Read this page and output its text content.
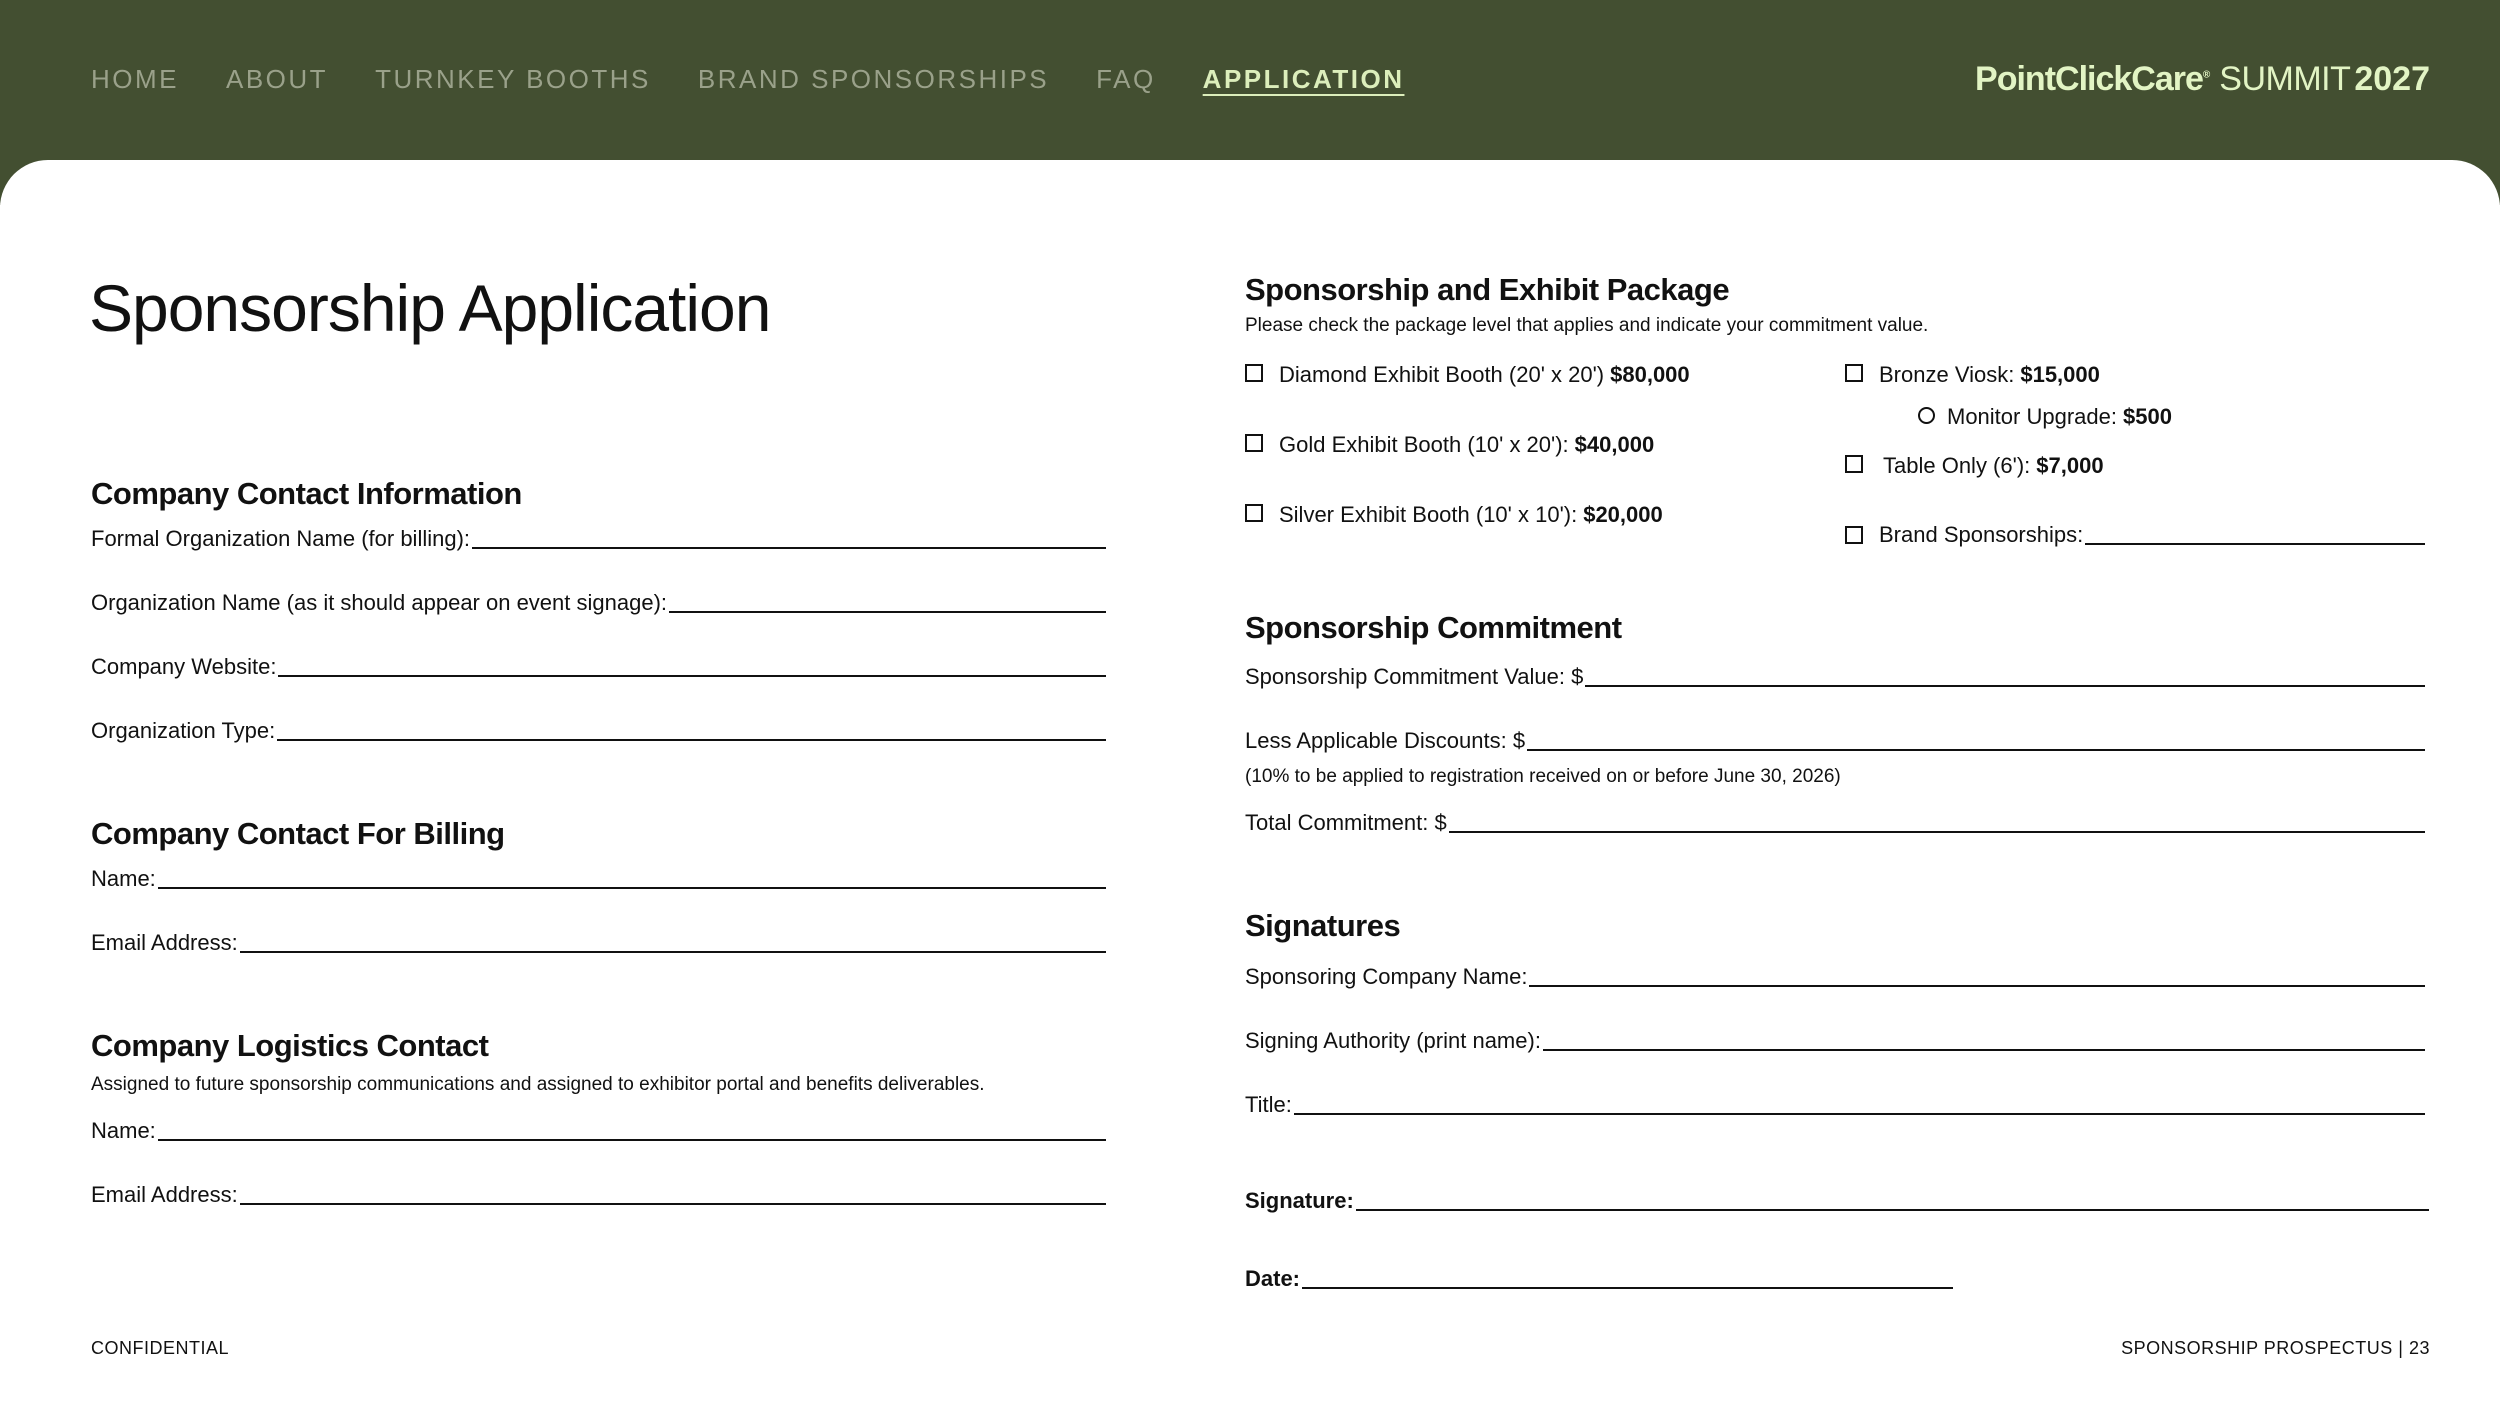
HOME ABOUT TURNKEY BOOTHS BRAND SPONSORSHIPS FAQ APPLICATION	PointClickCare® SUMMIT 2027
Sponsorship Application
Company Contact Information
Formal Organization Name (for billing):
Organization Name (as it should appear on event signage):
Company Website:
Organization Type:
Company Contact For Billing
Name:
Email Address:
Company Logistics Contact
Assigned to future sponsorship communications and assigned to exhibitor portal and benefits deliverables.
Name:
Email Address:
Sponsorship and Exhibit Package
Please check the package level that applies and indicate your commitment value.
Diamond Exhibit Booth (20' x 20') $80,000
Gold Exhibit Booth (10' x 20'): $40,000
Silver Exhibit Booth (10' x 10'): $20,000
Bronze Viosk: $15,000
Monitor Upgrade: $500
Table Only (6'): $7,000
Brand Sponsorships:
Sponsorship Commitment
Sponsorship Commitment Value: $
Less Applicable Discounts: $
(10% to be applied to registration received on or before June 30, 2026)
Total Commitment: $
Signatures
Sponsoring Company Name:
Signing Authority (print name):
Title:
Signature:
Date:
CONFIDENTIAL	SPONSORSHIP PROSPECTUS | 23
